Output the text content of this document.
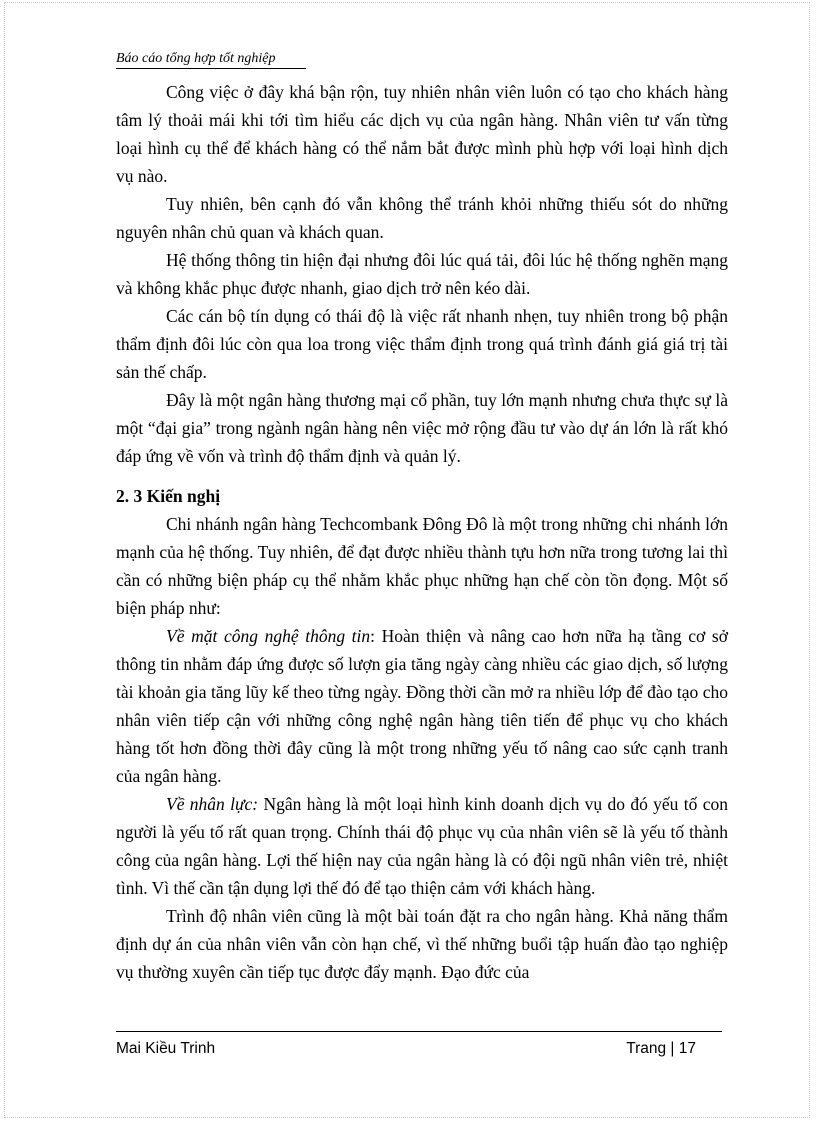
Báo cáo tổng hợp tốt nghiệp

Công việc ở đây khá bận rộn, tuy nhiên nhân viên luôn có tạo cho khách hàng tâm lý thoải mái khi tới tìm hiểu các dịch vụ của ngân hàng. Nhân viên tư vấn từng loại hình cụ thể để khách hàng có thể nắm bắt được mình phù hợp với loại hình dịch vụ nào.

Tuy nhiên, bên cạnh đó vẫn không thể tránh khỏi những thiếu sót do những nguyên nhân chủ quan và khách quan.

Hệ thống thông tin hiện đại nhưng đôi lúc quá tải, đôi lúc hệ thống nghẽn mạng và không khắc phục được nhanh, giao dịch trở nên kéo dài.

Các cán bộ tín dụng có thái độ là việc rất nhanh nhẹn, tuy nhiên trong bộ phận thẩm định đôi lúc còn qua loa trong việc thẩm định trong quá trình đánh giá giá trị tài sản thế chấp.

Đây là một ngân hàng thương mại cổ phần, tuy lớn mạnh nhưng chưa thực sự là một “đại gia” trong ngành ngân hàng nên việc mở rộng đầu tư vào dự án lớn là rất khó đáp ứng về vốn và trình độ thẩm định và quản lý.

2. 3 Kiến nghị

Chi nhánh ngân hàng Techcombank Đông Đô là một trong những chi nhánh lớn mạnh của hệ thống. Tuy nhiên, để đạt được nhiều thành tựu hơn nữa trong tương lai thì cần có những biện pháp cụ thể nhằm khắc phục những hạn chế còn tồn đọng. Một số biện pháp như:

Về mặt công nghệ thông tin: Hoàn thiện và nâng cao hơn nữa hạ tầng cơ sở thông tin nhằm đáp ứng được số lượn gia tăng ngày càng nhiều các giao dịch, số lượng tài khoản gia tăng lũy kế theo từng ngày. Đồng thời cần mở ra nhiều lớp để đào tạo cho nhân viên tiếp cận với những công nghệ ngân hàng tiên tiến để phục vụ cho khách hàng tốt hơn đồng thời đây cũng là một trong những yếu tố nâng cao sức cạnh tranh của ngân hàng.

Về nhân lực: Ngân hàng là một loại hình kinh doanh dịch vụ do đó yếu tố con người là yếu tố rất quan trọng. Chính thái độ phục vụ của nhân viên sẽ là yếu tố thành công của ngân hàng. Lợi thế hiện nay của ngân hàng là có đội ngũ nhân viên trẻ, nhiệt tình. Vì thế cần tận dụng lợi thế đó để tạo thiện cảm với khách hàng.

Trình độ nhân viên cũng là một bài toán đặt ra cho ngân hàng. Khả năng thẩm định dự án của nhân viên vẫn còn hạn chế, vì thế những buổi tập huấn đào tạo nghiệp vụ thường xuyên cần tiếp tục được đẩy mạnh. Đạo đức của

Mai Kiều Trinh	Trang | 17
